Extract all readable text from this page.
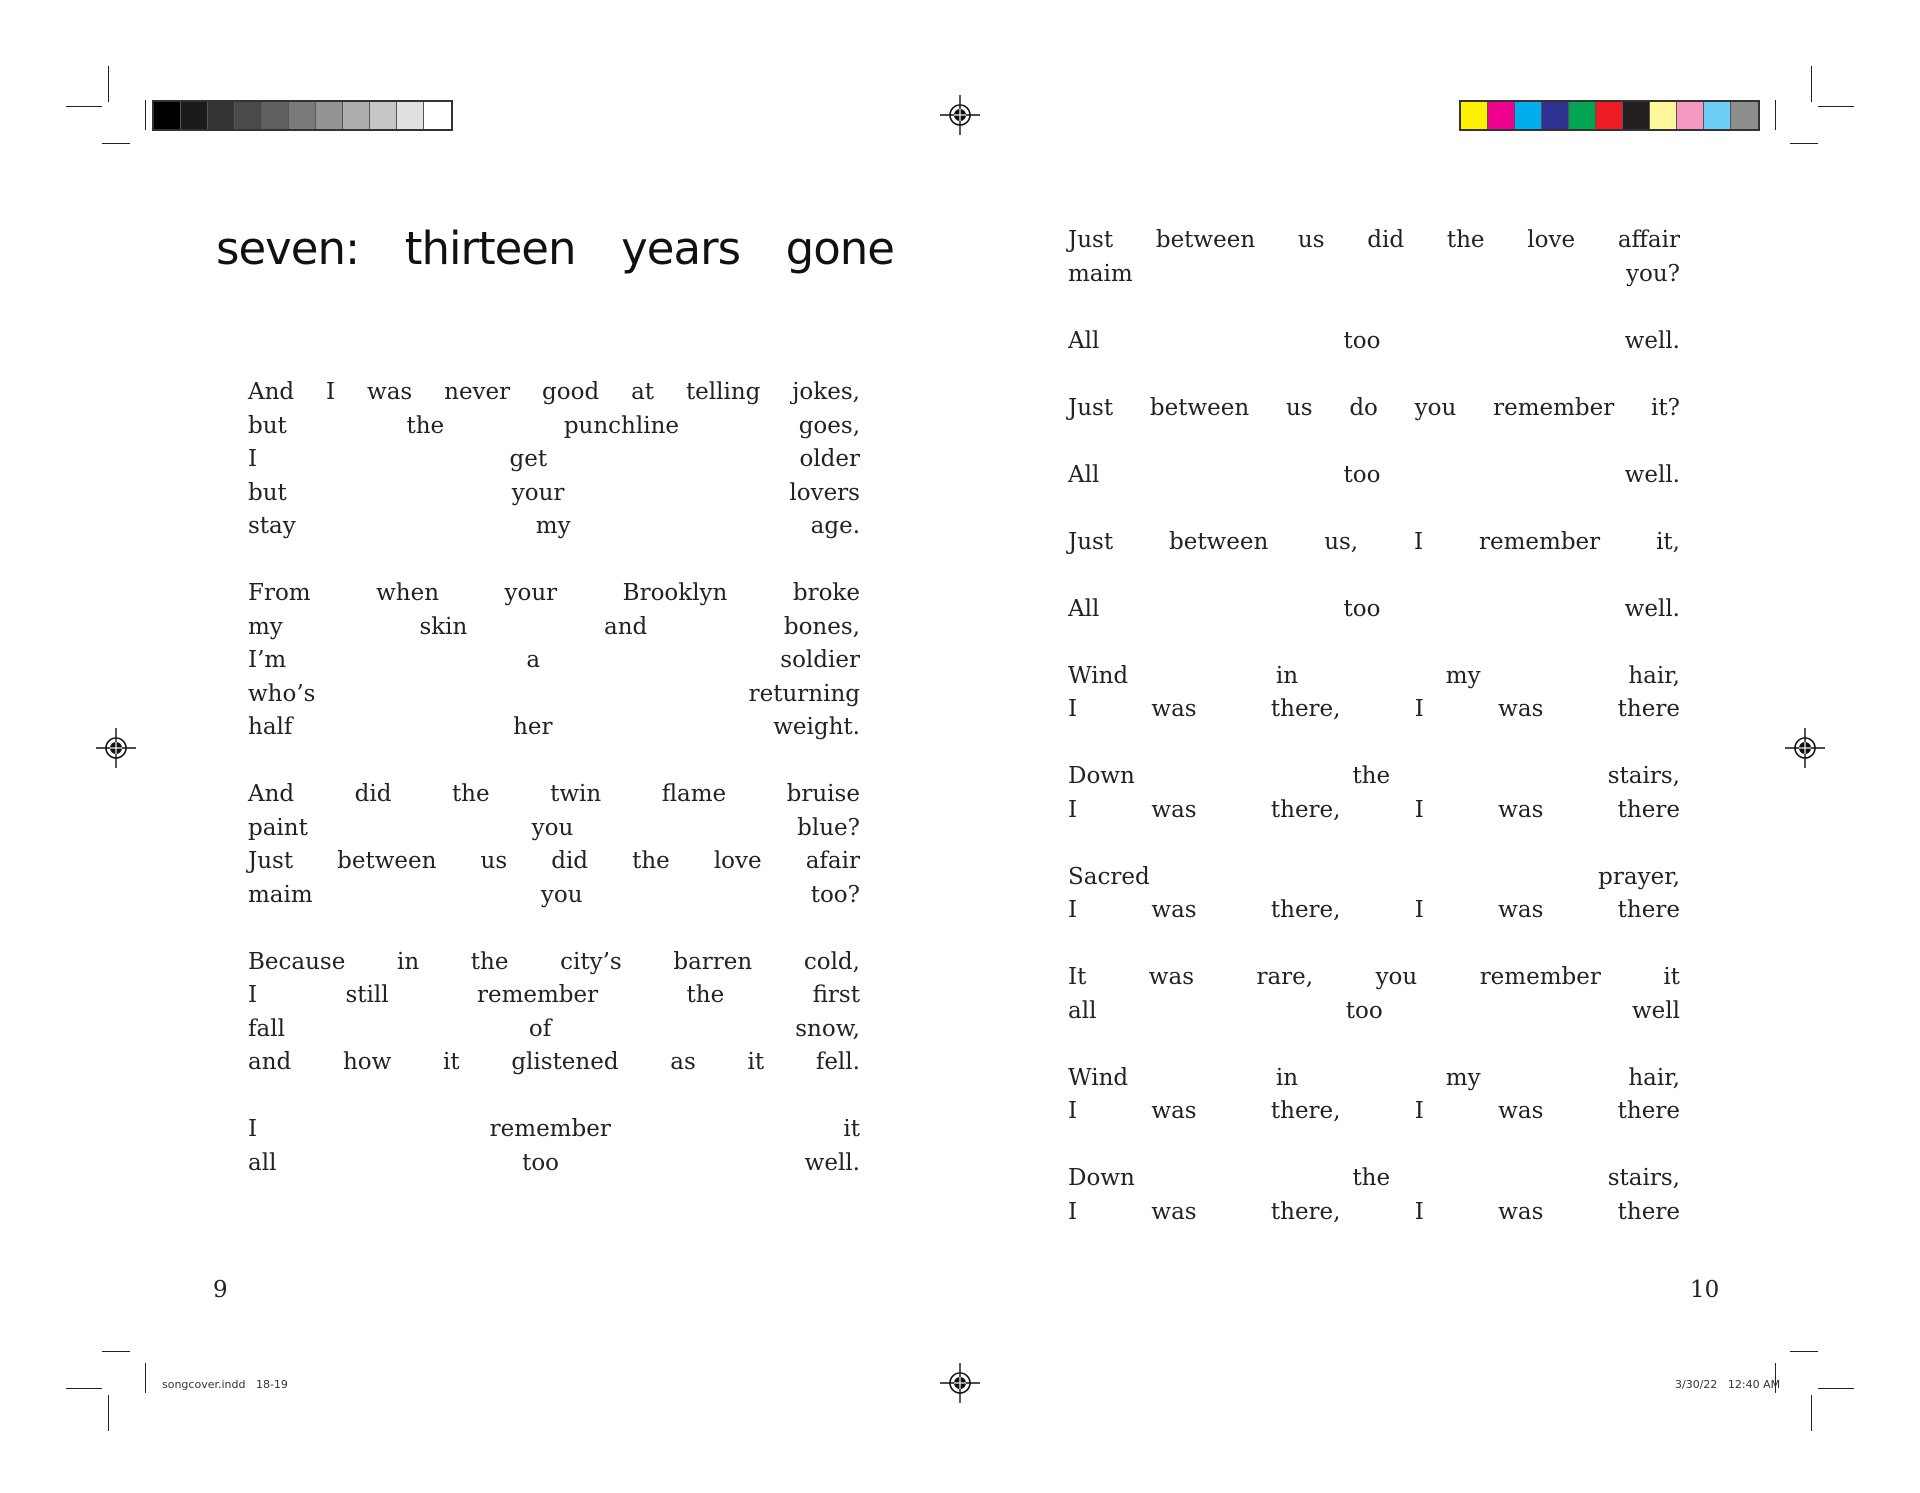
seven: thirteen years gone
And I was never good at telling jokes,
but	the	punchline	goes,
I	get	older
but	your	lovers
stay	my	age.
From	when	your	Brooklyn	broke
my	skin	and	bones,
I’m	a	soldier
who’s	returning
half	her	weight.
And	did	the	twin	flame	bruise
paint	you	blue?
Just between us did the love afair
maim	you	too?
Because in the city’s barren cold,
I	still	remember	the	first
fall	of	snow,
and how it glistened as it fell.
I	remember	it
all	too	well.
9
Just between us did the love affair
maim	you?
All	too	well.
Just between us do you remember it?
All	too	well.
Just between us, I remember it,
All	too	well.
Wind	in	my	hair,
I	was	there,	I	was	there
Down	the	stairs,
I	was	there,	I	was	there
Sacred	prayer,
I	was	there,	I	was	there
It	was	rare,	you	remember	it
all	too	well
Wind	in	my	hair,
I	was	there,	I	was	there
Down	the	stairs,
I	was	there,	I	was	there
10
songcover.indd   18-19	3/30/22   12:40 AM
